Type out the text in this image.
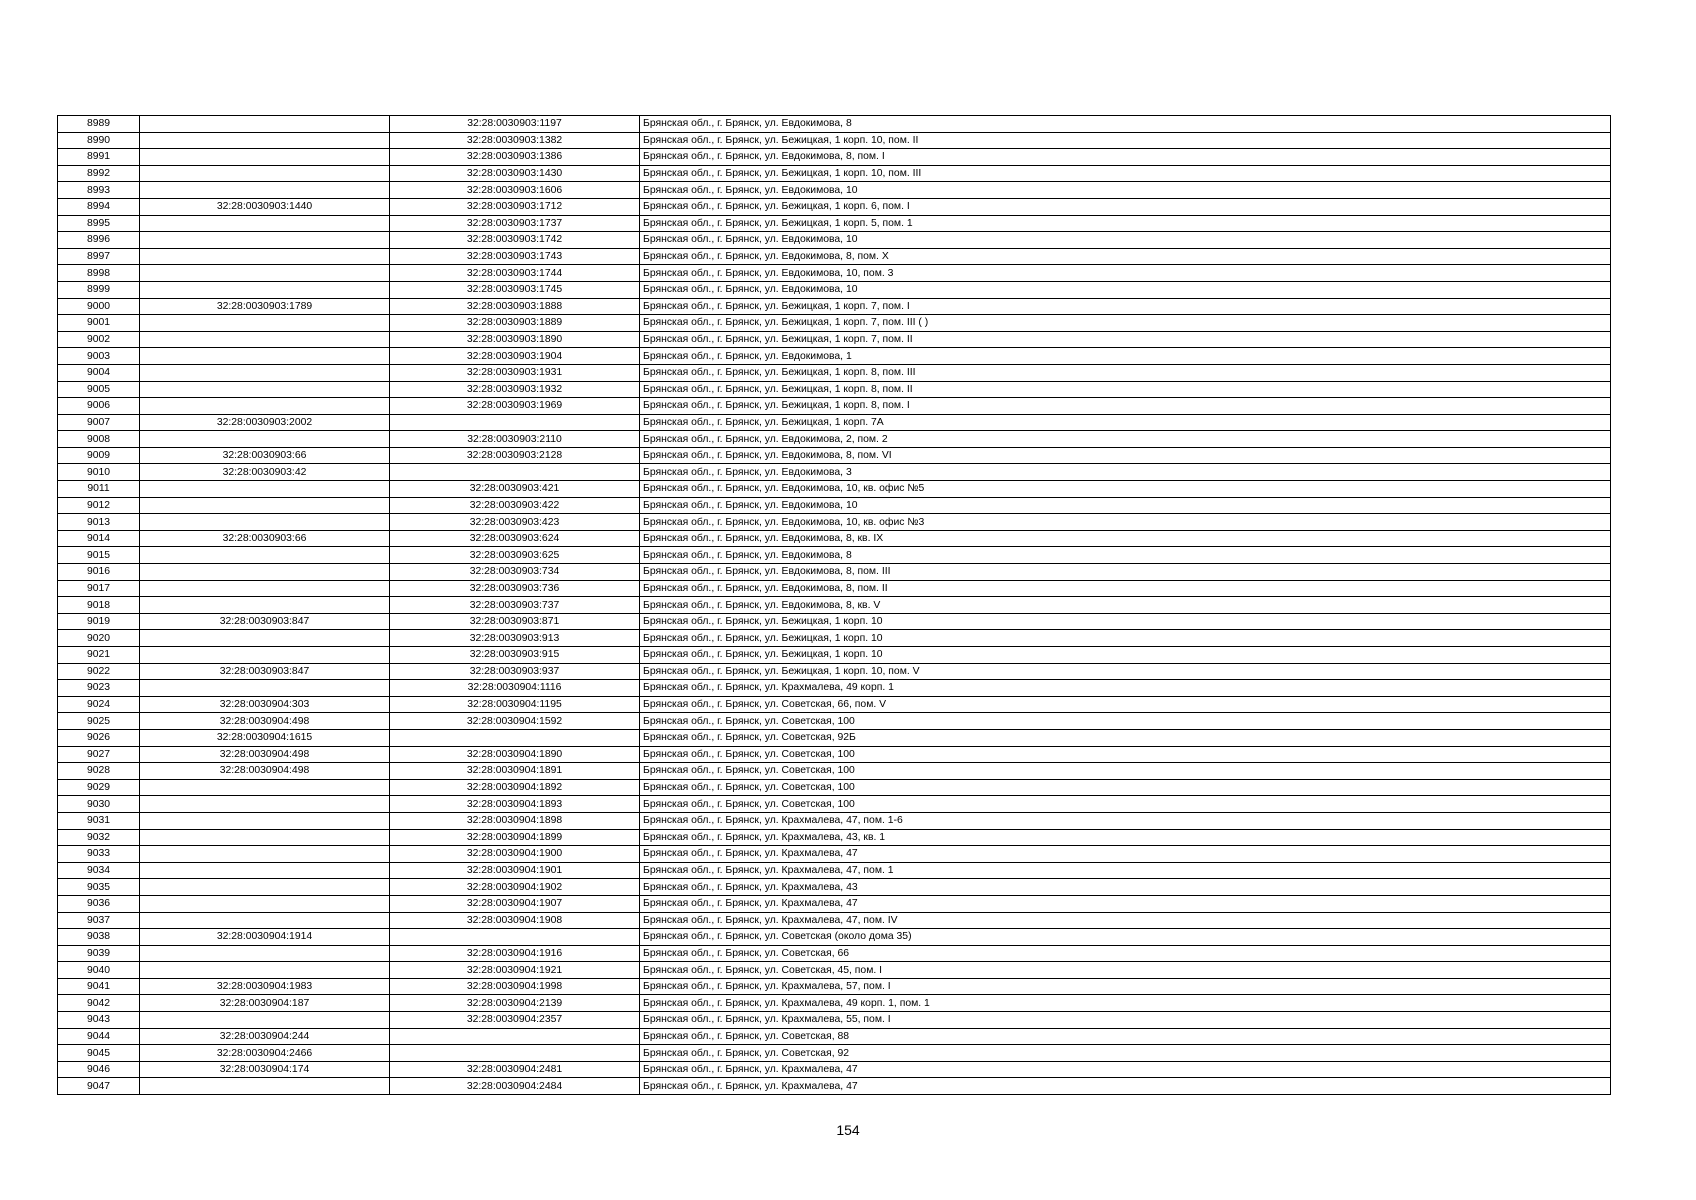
8989		32:28:0030903:1197	Брянская обл., г. Брянск, ул. Евдокимова, 8
8990		32:28:0030903:1382	Брянская обл., г. Брянск, ул. Бежицкая, 1 корп. 10, пом. II
8991		32:28:0030903:1386	Брянская обл., г. Брянск, ул. Евдокимова, 8, пом. I
8992		32:28:0030903:1430	Брянская обл., г. Брянск, ул. Бежицкая, 1 корп. 10, пом. III
8993		32:28:0030903:1606	Брянская обл., г. Брянск, ул. Евдокимова, 10
8994	32:28:0030903:1440	32:28:0030903:1712	Брянская обл., г. Брянск, ул. Бежицкая, 1 корп. 6, пом. I
8995		32:28:0030903:1737	Брянская обл., г. Брянск, ул. Бежицкая, 1 корп. 5, пом. 1
8996		32:28:0030903:1742	Брянская обл., г. Брянск, ул. Евдокимова, 10
8997		32:28:0030903:1743	Брянская обл., г. Брянск, ул. Евдокимова, 8, пом. X
8998		32:28:0030903:1744	Брянская обл., г. Брянск, ул. Евдокимова, 10, пом. 3
8999		32:28:0030903:1745	Брянская обл., г. Брянск, ул. Евдокимова, 10
9000	32:28:0030903:1789	32:28:0030903:1888	Брянская обл., г. Брянск, ул. Бежицкая, 1 корп. 7, пом. I
9001		32:28:0030903:1889	Брянская обл., г. Брянск, ул. Бежицкая, 1 корп. 7, пом. III ( )
9002		32:28:0030903:1890	Брянская обл., г. Брянск, ул. Бежицкая, 1 корп. 7, пом. II
9003		32:28:0030903:1904	Брянская обл., г. Брянск, ул. Евдокимова, 1
9004		32:28:0030903:1931	Брянская обл., г. Брянск, ул. Бежицкая, 1 корп. 8, пом. III
9005		32:28:0030903:1932	Брянская обл., г. Брянск, ул. Бежицкая, 1 корп. 8, пом. II
9006		32:28:0030903:1969	Брянская обл., г. Брянск, ул. Бежицкая, 1 корп. 8, пом. I
9007	32:28:0030903:2002		Брянская обл., г. Брянск, ул. Бежицкая, 1 корп. 7А
9008		32:28:0030903:2110	Брянская обл., г. Брянск, ул. Евдокимова, 2, пом. 2
9009	32:28:0030903:66	32:28:0030903:2128	Брянская обл., г. Брянск, ул. Евдокимова, 8, пом. VI
9010	32:28:0030903:42		Брянская обл., г. Брянск, ул. Евдокимова, 3
9011		32:28:0030903:421	Брянская обл., г. Брянск, ул. Евдокимова, 10, кв. офис №5
9012		32:28:0030903:422	Брянская обл., г. Брянск, ул. Евдокимова, 10
9013		32:28:0030903:423	Брянская обл., г. Брянск, ул. Евдокимова, 10, кв. офис №3
9014	32:28:0030903:66	32:28:0030903:624	Брянская обл., г. Брянск, ул. Евдокимова, 8, кв. IX
9015		32:28:0030903:625	Брянская обл., г. Брянск, ул. Евдокимова, 8
9016		32:28:0030903:734	Брянская обл., г. Брянск, ул. Евдокимова, 8, пом. III
9017		32:28:0030903:736	Брянская обл., г. Брянск, ул. Евдокимова, 8, пом. II
9018		32:28:0030903:737	Брянская обл., г. Брянск, ул. Евдокимова, 8, кв. V
9019	32:28:0030903:847	32:28:0030903:871	Брянская обл., г. Брянск, ул. Бежицкая, 1 корп. 10
9020		32:28:0030903:913	Брянская обл., г. Брянск, ул. Бежицкая, 1 корп. 10
9021		32:28:0030903:915	Брянская обл., г. Брянск, ул. Бежицкая, 1 корп. 10
9022	32:28:0030903:847	32:28:0030903:937	Брянская обл., г. Брянск, ул. Бежицкая, 1 корп. 10, пом. V
9023		32:28:0030904:1116	Брянская обл., г. Брянск, ул. Крахмалева, 49 корп. 1
9024	32:28:0030904:303	32:28:0030904:1195	Брянская обл., г. Брянск, ул. Советская, 66, пом. V
9025	32:28:0030904:498	32:28:0030904:1592	Брянская обл., г. Брянск, ул. Советская, 100
9026	32:28:0030904:1615		Брянская обл., г. Брянск, ул. Советская, 92Б
9027	32:28:0030904:498	32:28:0030904:1890	Брянская обл., г. Брянск, ул. Советская, 100
9028	32:28:0030904:498	32:28:0030904:1891	Брянская обл., г. Брянск, ул. Советская, 100
9029		32:28:0030904:1892	Брянская обл., г. Брянск, ул. Советская, 100
9030		32:28:0030904:1893	Брянская обл., г. Брянск, ул. Советская, 100
9031		32:28:0030904:1898	Брянская обл., г. Брянск, ул. Крахмалева, 47, пом. 1-6
9032		32:28:0030904:1899	Брянская обл., г. Брянск, ул. Крахмалева, 43, кв. 1
9033		32:28:0030904:1900	Брянская обл., г. Брянск, ул. Крахмалева, 47
9034		32:28:0030904:1901	Брянская обл., г. Брянск, ул. Крахмалева, 47, пом. 1
9035		32:28:0030904:1902	Брянская обл., г. Брянск, ул. Крахмалева, 43
9036		32:28:0030904:1907	Брянская обл., г. Брянск, ул. Крахмалева, 47
9037		32:28:0030904:1908	Брянская обл., г. Брянск, ул. Крахмалева, 47, пом. IV
9038	32:28:0030904:1914		Брянская обл., г. Брянск, ул. Советская (около дома 35)
9039		32:28:0030904:1916	Брянская обл., г. Брянск, ул. Советская, 66
9040		32:28:0030904:1921	Брянская обл., г. Брянск, ул. Советская, 45, пом. I
9041	32:28:0030904:1983	32:28:0030904:1998	Брянская обл., г. Брянск, ул. Крахмалева, 57, пом. I
9042	32:28:0030904:187	32:28:0030904:2139	Брянская обл., г. Брянск, ул. Крахмалева, 49 корп. 1, пом. 1
9043		32:28:0030904:2357	Брянская обл., г. Брянск, ул. Крахмалева, 55, пом. I
9044	32:28:0030904:244		Брянская обл., г. Брянск, ул. Советская, 88
9045	32:28:0030904:2466		Брянская обл., г. Брянск, ул. Советская, 92
9046	32:28:0030904:174	32:28:0030904:2481	Брянская обл., г. Брянск, ул. Крахмалева, 47
9047		32:28:0030904:2484	Брянская обл., г. Брянск, ул. Крахмалева, 47
154
